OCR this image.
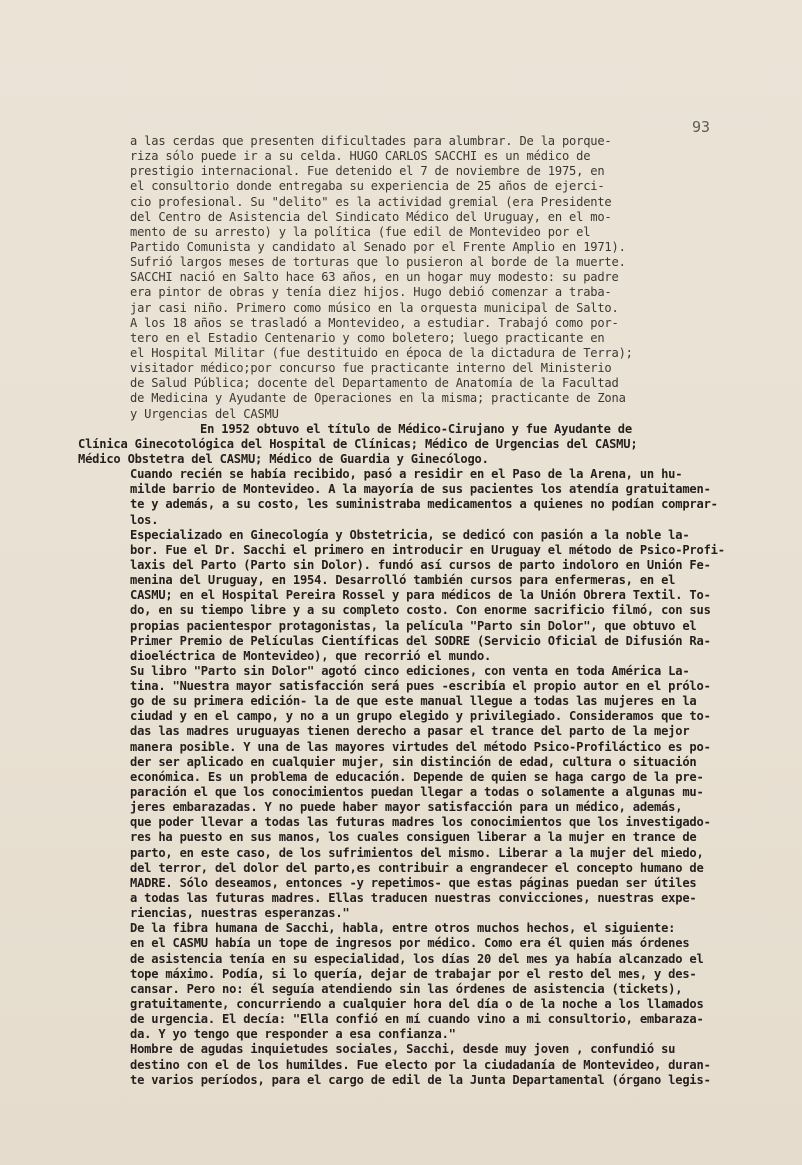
93
a las cerdas que presenten dificultades para alumbrar. De la porque-
riza sólo puede ir a su celda. HUGO CARLOS SACCHI es un médico de
prestigio internacional. Fue detenido el 7 de noviembre de 1975, en
el consultorio donde entregaba su experiencia de 25 años de ejerci-
cio profesional. Su "delito" es la actividad gremial (era Presidente
del Centro de Asistencia del Sindicato Médico del Uruguay, en el mo-
mento de su arresto) y la política (fue edil de Montevideo por el
Partido Comunista y candidato al Senado por el Frente Amplio en 1971).
Sufrió largos meses de torturas que lo pusieron al borde de la muerte.
SACCHI nació en Salto hace 63 años, en un hogar muy modesto: su padre
era pintor de obras y tenía diez hijos. Hugo debió comenzar a traba-
jar casi niño. Primero como músico en la orquesta municipal de Salto.
A los 18 años se trasladó a Montevideo, a estudiar. Trabajó como por-
tero en el Estadio Centenario y como boletero; luego practicante en
el Hospital Militar (fue destituido en época de la dictadura de Terra);
visitador médico;por concurso fue practicante interno del Ministerio
de Salud Pública; docente del Departamento de Anatomía de la Facultad
de Medicina y Ayudante de Operaciones en la misma; practicante de Zona
y Urgencias del CASMU
En 1952 obtuvo el título de Médico-Cirujano y fue Ayudante de
Clínica Ginecotológica del Hospital de Clínicas; Médico de Urgencias del CASMU;
Médico Obstetra del CASMU; Médico de Guardia y Ginecólogo.
Cuando recién se había recibido, pasó a residir en el Paso de la Arena, un hu-
milde barrio de Montevideo. A la mayoría de sus pacientes los atendía gratuitamen-
te y además, a su costo, les suministraba medicamentos a quienes no podían comprar-
los.
Especializado en Ginecología y Obstetricia, se dedicó con pasión a la noble la-
bor. Fue el Dr. Sacchi el primero en introducir en Uruguay el método de Psico-Profi-
laxis del Parto (Parto sin Dolor). fundó así cursos de parto indoloro en Unión Fe-
menina del Uruguay, en 1954. Desarrolló también cursos para enfermeras, en el
CASMU; en el Hospital Pereira Rossel y para médicos de la Unión Obrera Textil. To-
do, en su tiempo libre y a su completo costo. Con enorme sacrificio filmó, con sus
propias pacientespor protagonistas, la película "Parto sin Dolor", que obtuvo el
Primer Premio de Películas Científicas del SODRE (Servicio Oficial de Difusión Ra-
dioeléctrica de Montevideo), que recorrió el mundo.
Su libro "Parto sin Dolor" agotó cinco ediciones, con venta en toda América La-
tina. "Nuestra mayor satisfacción será pues -escribía el propio autor en el prólo-
go de su primera edición- la de que este manual llegue a todas las mujeres en la
ciudad y en el campo, y no a un grupo elegido y privilegiado. Consideramos que to-
das las madres uruguayas tienen derecho a pasar el trance del parto de la mejor
manera posible. Y una de las mayores virtudes del método Psico-Profiláctico es po-
der ser aplicado en cualquier mujer, sin distinción de edad, cultura o situación
económica. Es un problema de educación. Depende de quien se haga cargo de la pre-
paración el que los conocimientos puedan llegar a todas o solamente a algunas mu-
jeres embarazadas. Y no puede haber mayor satisfacción para un médico, además,
que poder llevar a todas las futuras madres los conocimientos que los investigado-
res ha puesto en sus manos, los cuales consiguen liberar a la mujer en trance de
parto, en este caso, de los sufrimientos del mismo. Liberar a la mujer del miedo,
del terror, del dolor del parto,es contribuir a engrandecer el concepto humano de
MADRE. Sólo deseamos, entonces -y repetimos- que estas páginas puedan ser útiles
a todas las futuras madres. Ellas traducen nuestras convicciones, nuestras expe-
riencias, nuestras esperanzas."
De la fibra humana de Sacchi, habla, entre otros muchos hechos, el siguiente:
en el CASMU había un tope de ingresos por médico. Como era él quien más órdenes
de asistencia tenía en su especialidad, los días 20 del mes ya había alcanzado el
tope máximo. Podía, si lo quería, dejar de trabajar por el resto del mes, y des-
cansar. Pero no: él seguía atendiendo sin las órdenes de asistencia (tickets),
gratuitamente, concurriendo a cualquier hora del día o de la noche a los llamados
de urgencia. El decía: "Ella confió en mí cuando vino a mi consultorio, embaraza-
da. Y yo tengo que responder a esa confianza."
Hombre de agudas inquietudes sociales, Sacchi, desde muy joven , confundió su
destino con el de los humildes. Fue electo por la ciudadanía de Montevideo, duran-
te varios períodos, para el cargo de edil de la Junta Departamental (órgano legis-
